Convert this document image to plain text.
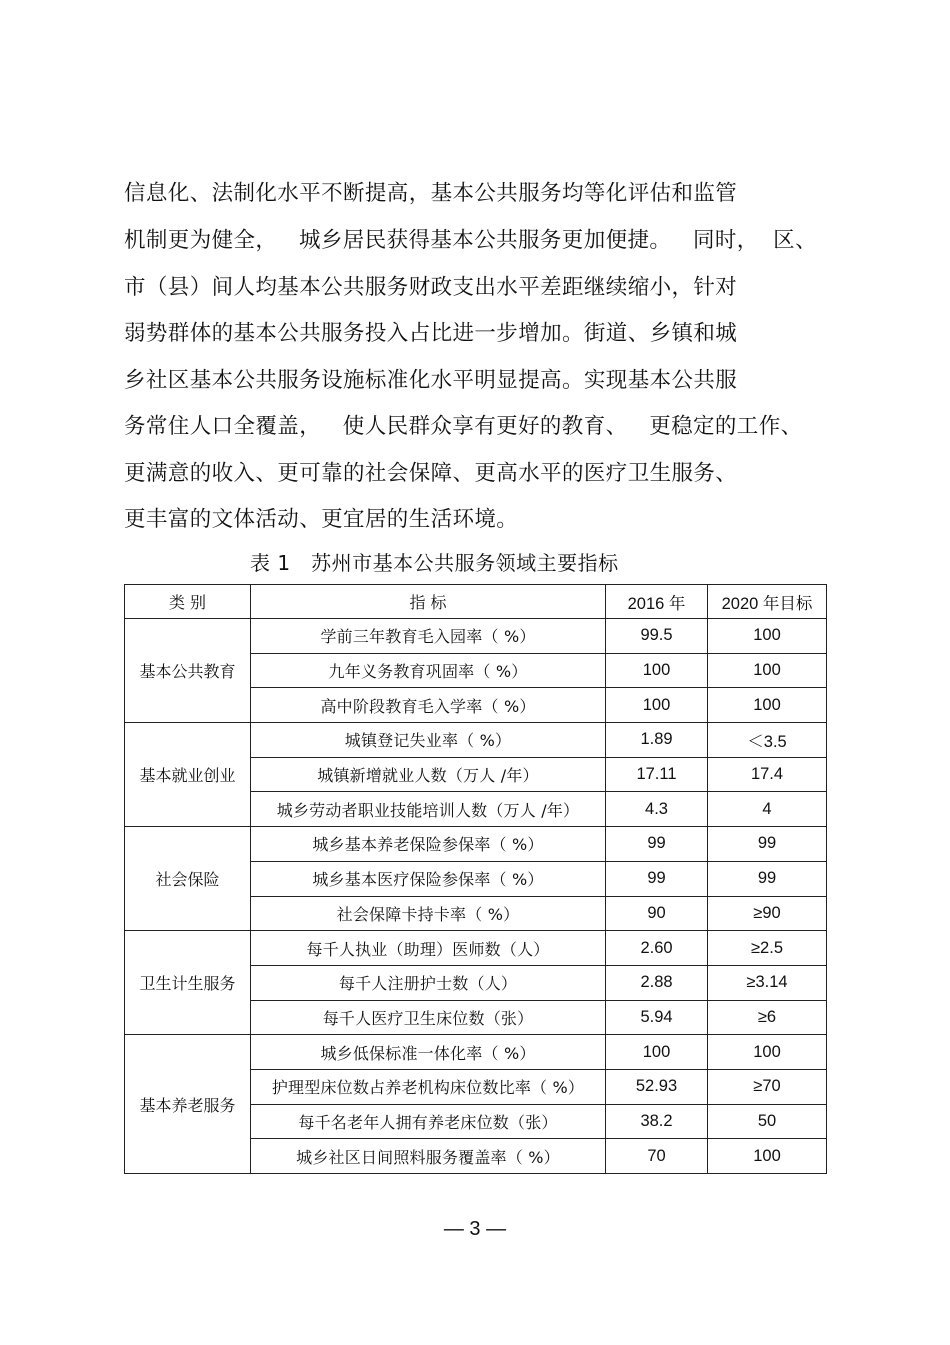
信息化、法制化水平不断提高，基本公共服务均等化评估和监管
机制更为健全，   城乡居民获得基本公共服务更加便捷。   同时，  区、
市（县）间人均基本公共服务财政支出水平差距继续缩小，针对
弱势群体的基本公共服务投入占比进一步增加。街道、乡镇和城
乡社区基本公共服务设施标准化水平明显提高。实现基本公共服
务常住人口全覆盖，   使人民群众享有更好的教育、   更稳定的工作、
更满意的收入、更可靠的社会保障、更高水平的医疗卫生服务、
更丰富的文体活动、更宜居的生活环境。
表 1   苏州市基本公共服务领域主要指标
类 别	指 标	2016 年	2020 年目标
基本公共教育	学前三年教育毛入园率（ %）	99.5	100
	九年义务教育巩固率（ %）	100	100
	高中阶段教育毛入学率（ %）	100	100
基本就业创业	城镇登记失业率（ %）	1.89	＜3.5
	城镇新增就业人数（万人 /年）	17.11	17.4
	城乡劳动者职业技能培训人数（万人 /年）	4.3	4
社会保险	城乡基本养老保险参保率（ %）	99	99
	城乡基本医疗保险参保率（ %）	99	99
	社会保障卡持卡率（ %）	90	≥90
卫生计生服务	每千人执业（助理）医师数（人）	2.60	≥2.5
	每千人注册护士数（人）	2.88	≥3.14
	每千人医疗卫生床位数（张）	5.94	≥6
基本养老服务	城乡低保标准一体化率（ %）	100	100
	护理型床位数占养老机构床位数比率（ %）	52.93	≥70
	每千名老年人拥有养老床位数（张）	38.2	50
	城乡社区日间照料服务覆盖率（ %）	70	100
— 3 —
